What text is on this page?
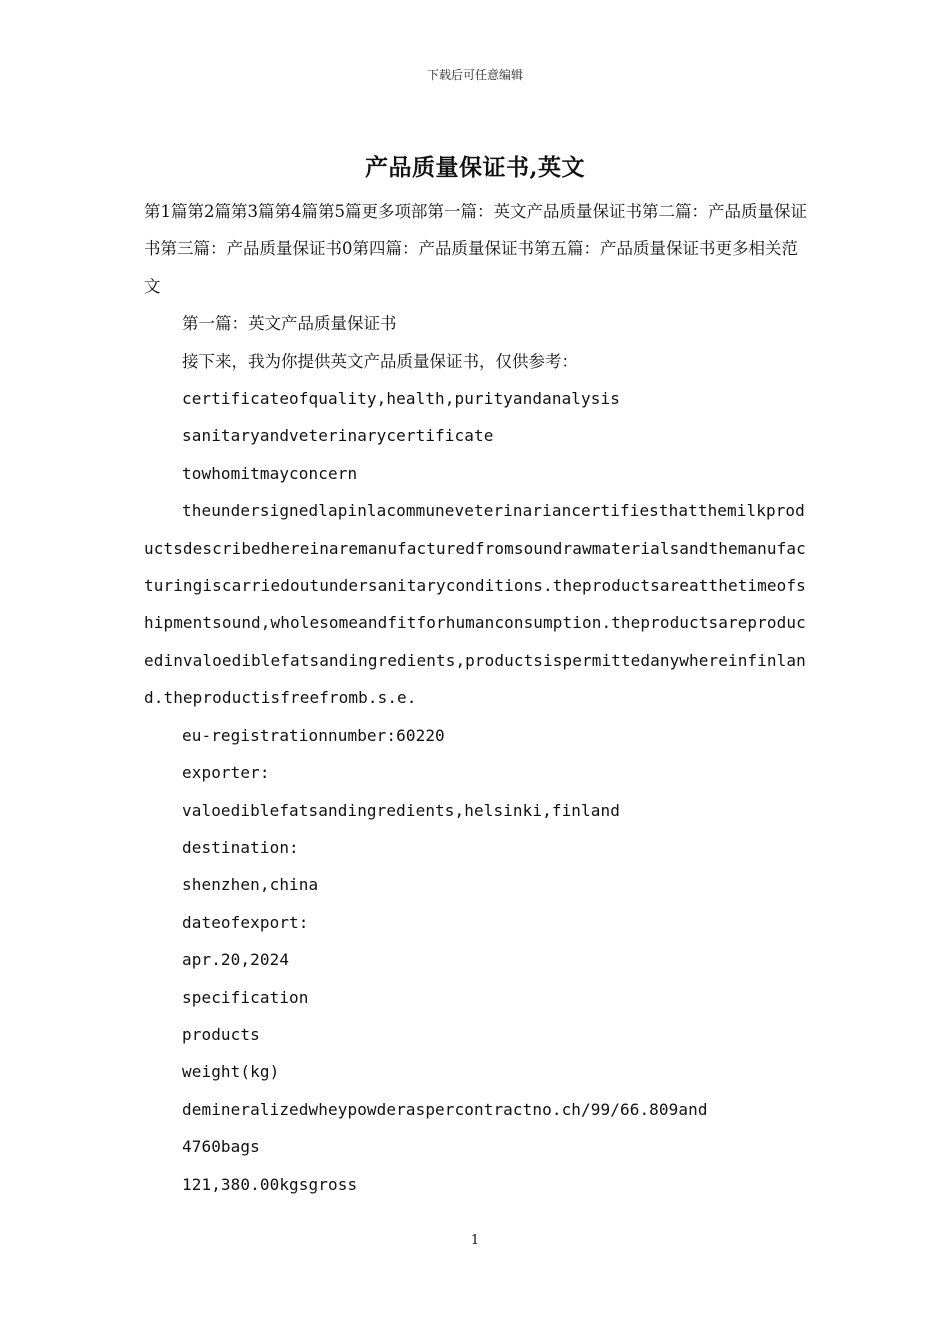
下载后可任意编辑
产品质量保证书,英文

第1篇第2篇第3篇第4篇第5篇更多项部第一篇：英文产品质量保证书第二篇：产品质量保证书第三篇：产品质量保证书0第四篇：产品质量保证书第五篇：产品质量保证书更多相关范文

第一篇：英文产品质量保证书

接下来，我为你提供英文产品质量保证书，仅供参考：

certificateofquality,health,purityandanalysis

sanitaryandveterinarycertificate

towhomitmayconcern

theundersignedlapinlacommuneveterinariancertifiesthatthemilkproductsdescribedhereinaremanufacturedfromsoundrawmaterialsandthemanufacturingiscarriedoutundersanitaryconditions.theproductsareatthetimeofshipmentsound,wholesomeandfitforhumanconsumption.theproductsareproducedinvaloediblefatsandingredients,productsispermittedanywhereinfinland.theproductisfreefromb.s.e.

eu-registrationnumber:60220

exporter:

valoediblefatsandingredients,helsinki,finland

destination:

shenzhen,china

dateofexport:

apr.20,2024

specification

products

weight(kg)

demineralizedwheypowderaspercontractno.ch/99/66.809and

4760bags

121,380.00kgsgross

1
